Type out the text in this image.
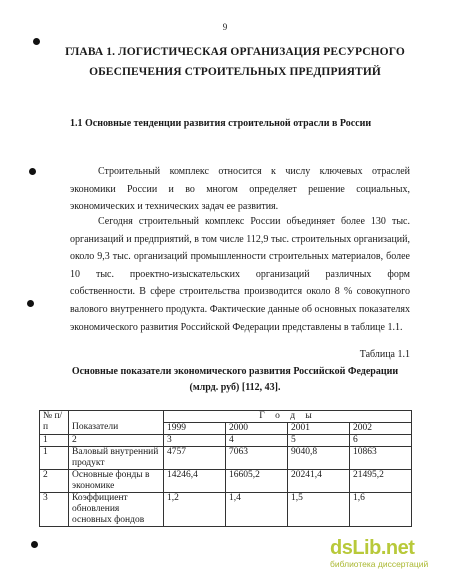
9
ГЛАВА 1. ЛОГИСТИЧЕСКАЯ ОРГАНИЗАЦИЯ РЕСУРСНОГО ОБЕСПЕЧЕНИЯ СТРОИТЕЛЬНЫХ ПРЕДПРИЯТИЙ
1.1 Основные тенденции развития строительной отрасли в России
Строительный комплекс относится к числу ключевых отраслей экономики России и во многом определяет решение социальных, экономических и технических задач ее развития.
Сегодня строительный комплекс России объединяет более 130 тыс. организаций и предприятий, в том числе 112,9 тыс. строительных организаций, около 9,3 тыс. организаций промышленности строительных материалов, более 10 тыс. проектно-изыскательских организаций различных форм собственности. В сфере строительства производится около 8 % совокупного валового внутреннего продукта. Фактические данные об основных показателях экономического развития Российской Федерации представлены в таблице 1.1.
Таблица 1.1
Основные показатели экономического развития Российской Федерации
(млрд. руб) [112, 43].
№ п/п	Показатели	Г о д ы			
		1999	2000	2001	2002
1	2	3	4	5	6
1	Валовый внутренний продукт	4757	7063	9040,8	10863
2	Основные фонды в экономике	14246,4	16605,2	20241,4	21495,2
3	Коэффициент обновления основных фондов	1,2	1,4	1,5	1,6
dsLib.net
библиотека диссертаций
